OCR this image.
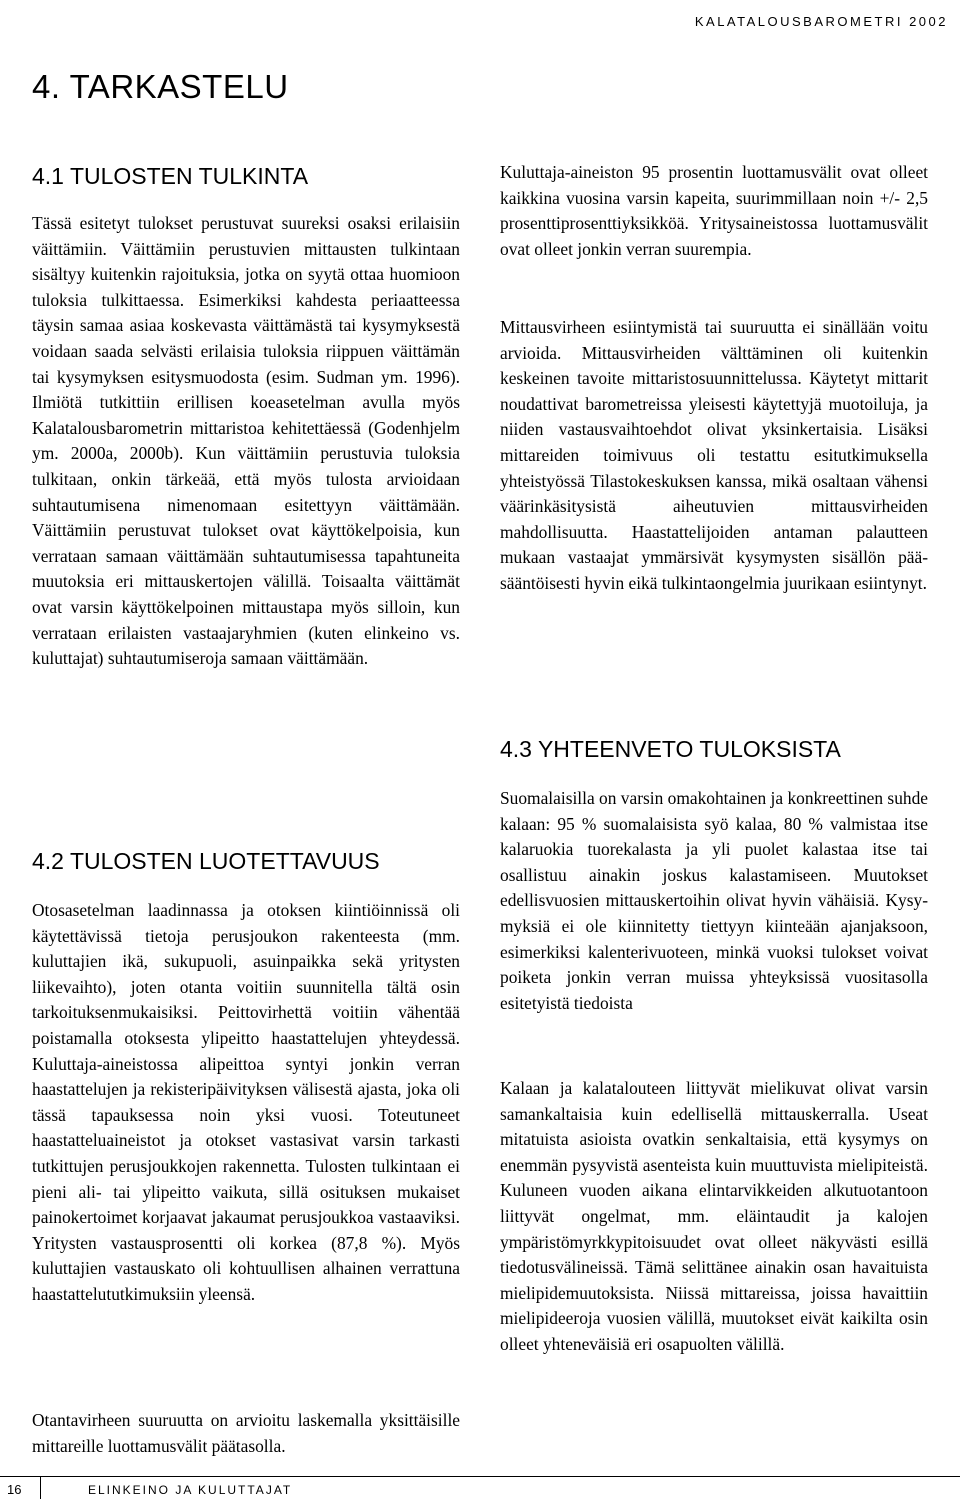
KALATALOUSBAROMETRI 2002
4. TARKASTELU
4.1 TULOSTEN TULKINTA

Tässä esitetyt tulokset perustuvat suureksi osaksi erilaisiin väittämiin. Väittämiin perustuvien mittausten tulkintaan sisältyy kuitenkin rajoituksia, jotka on syytä ottaa huomioon tuloksia tulkittaessa. Esimerkiksi kahdesta periaatteessa täysin samaa asiaa koskevasta väittämästä tai kysymyksestä voidaan saada selvästi erilaisia tuloksia riippuen väittämän tai kysymyksen esitysmuodosta (esim. Sudman ym. 1996). Ilmiötä tutkittiin erillisen koeasetelman avulla myös Kalatalousbarometrin mittaristoa kehitettäessä (Godenhjelm ym. 2000a, 2000b). Kun väittämiin perustuvia tuloksia tulkitaan, onkin tärkeää, että myös tulosta arvioidaan suhtautumisena nimenomaan esitettyyn väittämään. Väittämiin perustuvat tulokset ovat käyttökelpoisia, kun verrataan samaan väittämään suhtautumisessa tapahtuneita muutoksia eri mittauskertojen välillä. Toisaalta väittämät ovat varsin käyttökelpoinen mittaustapa myös silloin, kun verrataan erilaisten vastaajaryhmien (kuten elinkeino vs. kuluttajat) suhtautumiseroja samaan väittämään.

4.2 TULOSTEN LUOTETTAVUUS

Otosasetelman laadinnassa ja otoksen kiintiöinnissä oli käytettävissä tietoja perusjoukon rakenteesta (mm. kuluttajien ikä, sukupuoli, asuinpaikka sekä yritysten liikevaihto), joten otanta voitiin suunnitella tältä osin tarkoituksenmukaisiksi. Peittovirhettä voitiin vähentää poistamalla otoksesta ylipeitto haastattelujen yhteydessä. Kuluttaja-aineistossa alipeittoa syntyi jonkin verran haastattelujen ja rekisteripäivityksen välisestä ajasta, joka oli tässä tapauksessa noin yksi vuosi. Toteutuneet haastatteluaineistot ja otokset vastasivat varsin tarkasti tutkittujen perusjoukkojen rakennetta. Tulosten tulkintaan ei pieni ali- tai ylipeitto vaikuta, sillä osituksen mukaiset painokertoimet korjaavat jakaumat perusjoukkoa vastaaviksi. Yritysten vastausprosentti oli korkea (87,8 %). Myös kuluttajien vastauskato oli kohtuullisen alhainen verrattuna haastattelututkimuksiin yleensä.

Otantavirheen suuruutta on arvioitu laskemalla yksittäisille mittareille luottamusvälit päätasolla.

Kuluttaja-aineiston 95 prosentin luottamusvälit ovat olleet kaikkina vuosina varsin kapeita, suurimmillaan noin +/- 2,5 prosenttiprosenttiyksikköä. Yritysaineistossa luottamusvälit ovat olleet jonkin verran suurempia.

Mittausvirheen esiintymistä tai suuruutta ei sinällään voitu arvioida. Mittausvirheiden välttäminen oli kuitenkin keskeinen tavoite mittaristosuunnittelussa. Käytetyt mittarit noudattivat barometreissa yleisesti käytettyjä muotoiluja, ja niiden vastausvaihtoehdot olivat yksinkertaisia. Lisäksi mittareiden toimivuus oli testattu esitutkimuksella yhteistyössä Tilastokeskuksen kanssa, mikä osaltaan vähensi väärinkäsitysistä aiheutuvien mittausvirheiden mahdollisuutta. Haastattelijoiden antaman palautteen mukaan vastaajat ymmärsivät kysymysten sisällön pääsääntöisesti hyvin eikä tulkintaongelmia juurikaan esiintynyt.

4.3 YHTEENVETO TULOKSISTA

Suomalaisilla on varsin omakohtainen ja konkreettinen suhde kalaan: 95 % suomalaisista syö kalaa, 80 % valmistaa itse kalaruokia tuorekalasta ja yli puolet kalastaa itse tai osallistuu ainakin joskus kalastamiseen. Muutokset edellisvuosien mittauskertoihin olivat hyvin vähäisiä. Kysymyksiä ei ole kiinnitetty tiettyyn kiinteään ajanjaksoon, esimerkiksi kalenterivuoteen, minkä vuoksi tulokset voivat poiketa jonkin verran muissa yhteyksissä vuositasolla esitetyistä tiedoista

Kalaan ja kalatalouteen liittyvät mielikuvat olivat varsin samankaltaisia kuin edellisellä mittauskerralla. Useat mitatuista asioista ovatkin senkaltaisia, että kysymys on enemmän pysyvistä asenteista kuin muuttuvista mielipiteistä. Kuluneen vuoden aikana elintarvikkeiden alkutuotantoon liittyvät ongelmat, mm. eläintaudit ja kalojen ympäristömyrkkypitoisuudet ovat olleet näkyvästi esillä tiedotusvälineissä. Tämä selittänee ainakin osan havaituista mielipidemuutoksista. Niissä mittareissa, joissa havaittiin mielipideeroja vuosien välillä, muutokset eivät kaikilta osin olleet yhteneväisiä eri osapuolten välillä.

16	ELINKEINO JA KULUTTAJAT
